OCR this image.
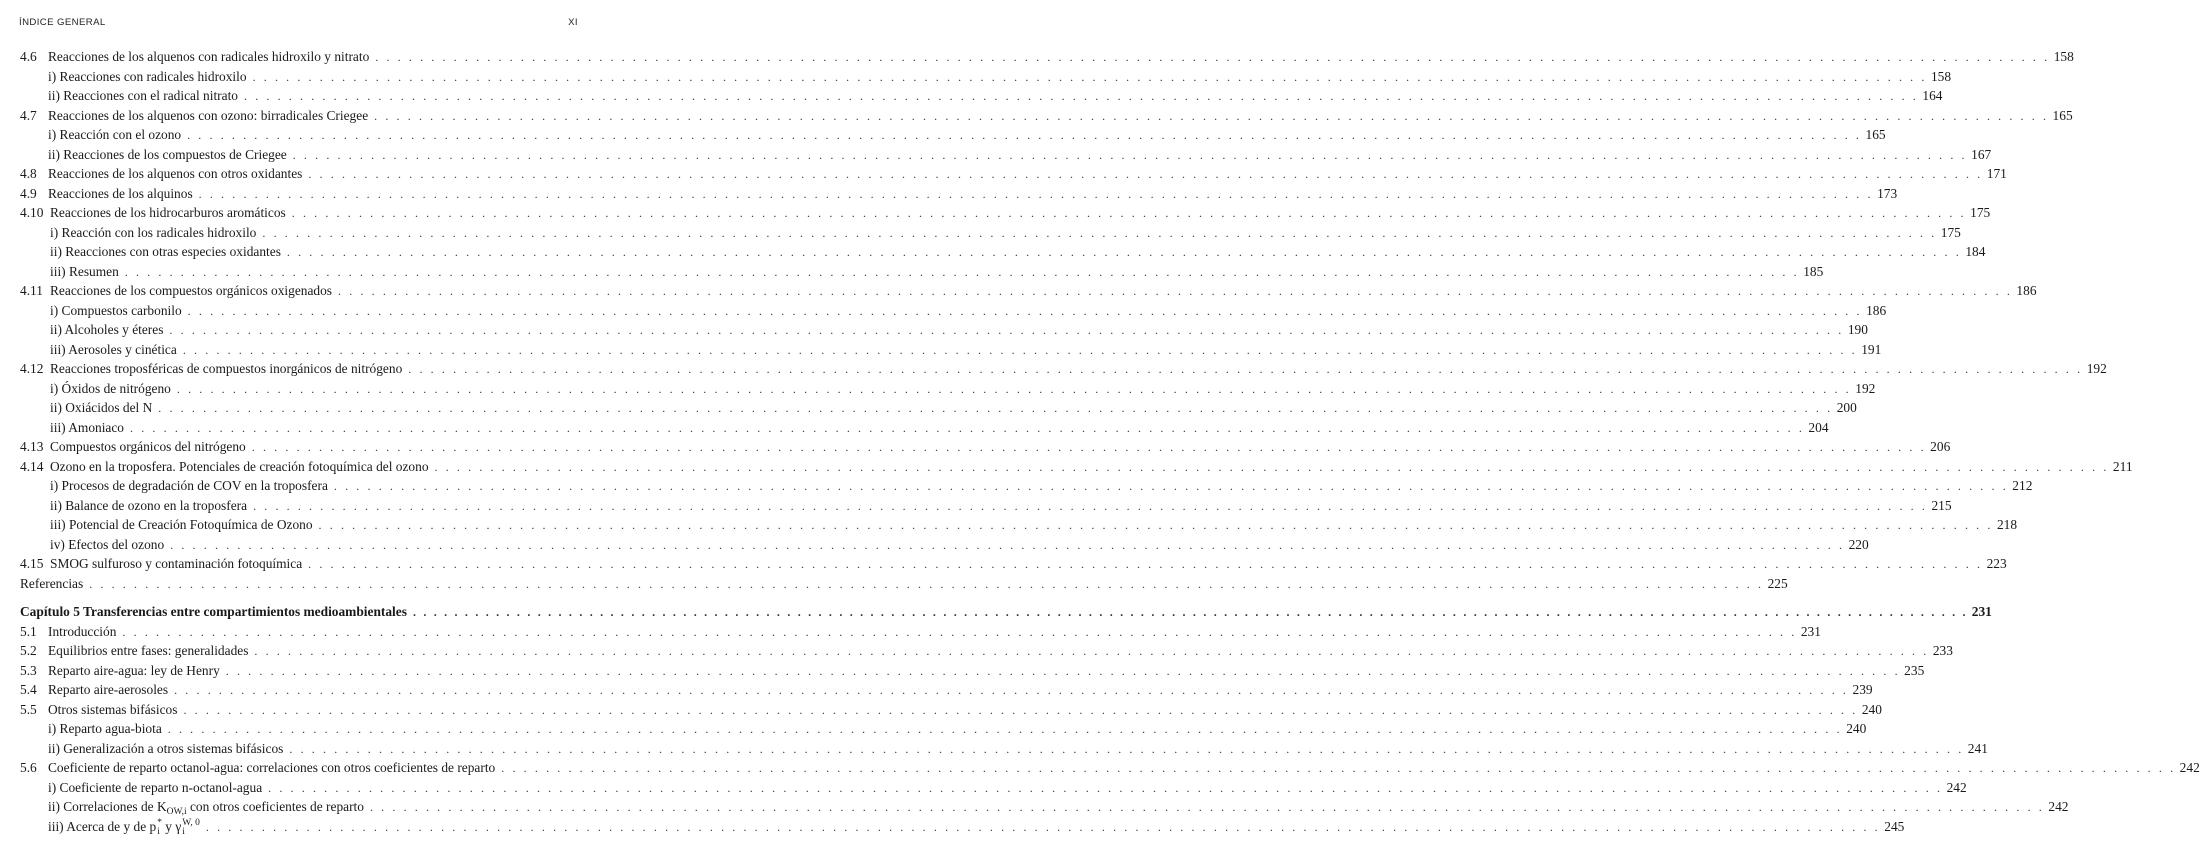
ÍNDICE GENERAL	XI
4.6 Reacciones de los alquenos con radicales hidroxilo y nitrato . . . . . . . . . . . . . . . . . . . . . . . . . . . . . . . . . . . . . . . . . . . . . . . . . . . . . . . . . . . . . . . . . . . . . . . . . . . . . . . . . . . . . . . . . . . . . . . . . . . . . . . . . . . . . . . . . . . . . . . . . . . . . . . . . . . . . . . . . . . . . . . . . . . . . . 158
i) Reacciones con radicales hidroxilo . . . . . . . . . . . . . . . . . . . . . . . . . . . . . . . . . . . . . . . . . . . . . . . . . . . . . . . . . . . . . . . . . . . . . . . . . . . . . . . . . . . . . . . . . . . . . . . . . . . . . . . . . . . . . . . . . . . . . . . . . . . . . . . . . . . . . . . . . . . . . . . . . . . . . . 158
ii) Reacciones con el radical nitrato . . . . . . . . . . . . . . . . . . . . . . . . . . . . . . . . . . . . . . . . . . . . . . . . . . . . . . . . . . . . . . . . . . . . . . . . . . . . . . . . . . . . . . . . . . . . . . . . . . . . . . . . . . . . . . . . . . . . . . . . . . . . . . . . . . . . . . . . . . . . . . . . . . . . . . 164
4.7 Reacciones de los alquenos con ozono: birradicales Criegee . . . . . . . . . . . . . . . . . . . . . . . . . . . . . . . . . . . . . . . . . . . . . . . . . . . . . . . . . . . . . . . . . . . . . . . . . . . . . . . . . . . . . . . . . . . . . . . . . . . . . . . . . . . . . . . . . . . . . . . . . . . . . . . . . . . . . . . . . . . . . . . . . . . . . . 165
i) Reacción con el ozono . . . . . . . . . . . . . . . . . . . . . . . . . . . . . . . . . . . . . . . . . . . . . . . . . . . . . . . . . . . . . . . . . . . . . . . . . . . . . . . . . . . . . . . . . . . . . . . . . . . . . . . . . . . . . . . . . . . . . . . . . . . . . . . . . . . . . . . . . . . . . . . . . . . . . . 165
ii) Reacciones de los compuestos de Criegee . . . . . . . . . . . . . . . . . . . . . . . . . . . . . . . . . . . . . . . . . . . . . . . . . . . . . . . . . . . . . . . . . . . . . . . . . . . . . . . . . . . . . . . . . . . . . . . . . . . . . . . . . . . . . . . . . . . . . . . . . . . . . . . . . . . . . . . . . . . . . . . . . . . . . . 167
4.8 Reacciones de los alquenos con otros oxidantes . . . . . . . . . . . . . . . . . . . . . . . . . . . . . . . . . . . . . . . . . . . . . . . . . . . . . . . . . . . . . . . . . . . . . . . . . . . . . . . . . . . . . . . . . . . . . . . . . . . . . . . . . . . . . . . . . . . . . . . . . . . . . . . . . . . . . . . . . . . . . . . . . . . . . . 171
4.9 Reacciones de los alquinos . . . . . . . . . . . . . . . . . . . . . . . . . . . . . . . . . . . . . . . . . . . . . . . . . . . . . . . . . . . . . . . . . . . . . . . . . . . . . . . . . . . . . . . . . . . . . . . . . . . . . . . . . . . . . . . . . . . . . . . . . . . . . . . . . . . . . . . . . . . . . . . . . . . . . . 173
4.10 Reacciones de los hidrocarburos aromáticos . . . . . . . . . . . . . . . . . . . . . . . . . . . . . . . . . . . . . . . . . . . . . . . . . . . . . . . . . . . . . . . . . . . . . . . . . . . . . . . . . . . . . . . . . . . . . . . . . . . . . . . . . . . . . . . . . . . . . . . . . . . . . . . . . . . . . . . . . . . . . . . . . . . . . . 175
i) Reacción con los radicales hidroxilo . . . . . . . . . . . . . . . . . . . . . . . . . . . . . . . . . . . . . . . . . . . . . . . . . . . . . . . . . . . . . . . . . . . . . . . . . . . . . . . . . . . . . . . . . . . . . . . . . . . . . . . . . . . . . . . . . . . . . . . . . . . . . . . . . . . . . . . . . . . . . . . . . . . . . . 175
ii) Reacciones con otras especies oxidantes . . . . . . . . . . . . . . . . . . . . . . . . . . . . . . . . . . . . . . . . . . . . . . . . . . . . . . . . . . . . . . . . . . . . . . . . . . . . . . . . . . . . . . . . . . . . . . . . . . . . . . . . . . . . . . . . . . . . . . . . . . . . . . . . . . . . . . . . . . . . . . . . . . . . . . 184
iii) Resumen . . . . . . . . . . . . . . . . . . . . . . . . . . . . . . . . . . . . . . . . . . . . . . . . . . . . . . . . . . . . . . . . . . . . . . . . . . . . . . . . . . . . . . . . . . . . . . . . . . . . . . . . . . . . . . . . . . . . . . . . . . . . . . . . . . . . . . . . . . . . . . . . . . . . . . 185
4.11 Reacciones de los compuestos orgánicos oxigenados . . . . . . . . . . . . . . . . . . . . . . . . . . . . . . . . . . . . . . . . . . . . . . . . . . . . . . . . . . . . . . . . . . . . . . . . . . . . . . . . . . . . . . . . . . . . . . . . . . . . . . . . . . . . . . . . . . . . . . . . . . . . . . . . . . . . . . . . . . . . . . . . . . . . . . 186
i) Compuestos carbonilo . . . . . . . . . . . . . . . . . . . . . . . . . . . . . . . . . . . . . . . . . . . . . . . . . . . . . . . . . . . . . . . . . . . . . . . . . . . . . . . . . . . . . . . . . . . . . . . . . . . . . . . . . . . . . . . . . . . . . . . . . . . . . . . . . . . . . . . . . . . . . . . . . . . . . . 186
ii) Alcoholes y éteres . . . . . . . . . . . . . . . . . . . . . . . . . . . . . . . . . . . . . . . . . . . . . . . . . . . . . . . . . . . . . . . . . . . . . . . . . . . . . . . . . . . . . . . . . . . . . . . . . . . . . . . . . . . . . . . . . . . . . . . . . . . . . . . . . . . . . . . . . . . . . . . . . . . . . . 190
iii) Aerosoles y cinética . . . . . . . . . . . . . . . . . . . . . . . . . . . . . . . . . . . . . . . . . . . . . . . . . . . . . . . . . . . . . . . . . . . . . . . . . . . . . . . . . . . . . . . . . . . . . . . . . . . . . . . . . . . . . . . . . . . . . . . . . . . . . . . . . . . . . . . . . . . . . . . . . . . . . . 191
4.12 Reacciones troposféricas de compuestos inorgánicos de nitrógeno . . . . . . . . . . . . . . . . . . . . . . . . . . . . . . . . . . . . . . . . . . . . . . . . . . . . . . . . . . . . . . . . . . . . . . . . . . . . . . . . . . . . . . . . . . . . . . . . . . . . . . . . . . . . . . . . . . . . . . . . . . . . . . . . . . . . . . . . . . . . . . . . . . . . . . 192
i) Óxidos de nitrógeno . . . . . . . . . . . . . . . . . . . . . . . . . . . . . . . . . . . . . . . . . . . . . . . . . . . . . . . . . . . . . . . . . . . . . . . . . . . . . . . . . . . . . . . . . . . . . . . . . . . . . . . . . . . . . . . . . . . . . . . . . . . . . . . . . . . . . . . . . . . . . . . . . . . . . . 192
ii) Oxiácidos del N . . . . . . . . . . . . . . . . . . . . . . . . . . . . . . . . . . . . . . . . . . . . . . . . . . . . . . . . . . . . . . . . . . . . . . . . . . . . . . . . . . . . . . . . . . . . . . . . . . . . . . . . . . . . . . . . . . . . . . . . . . . . . . . . . . . . . . . . . . . . . . . . . . . . . . 200
iii) Amoniaco . . . . . . . . . . . . . . . . . . . . . . . . . . . . . . . . . . . . . . . . . . . . . . . . . . . . . . . . . . . . . . . . . . . . . . . . . . . . . . . . . . . . . . . . . . . . . . . . . . . . . . . . . . . . . . . . . . . . . . . . . . . . . . . . . . . . . . . . . . . . . . . . . . . . . . 204
4.13 Compuestos orgánicos del nitrógeno . . . . . . . . . . . . . . . . . . . . . . . . . . . . . . . . . . . . . . . . . . . . . . . . . . . . . . . . . . . . . . . . . . . . . . . . . . . . . . . . . . . . . . . . . . . . . . . . . . . . . . . . . . . . . . . . . . . . . . . . . . . . . . . . . . . . . . . . . . . . . . . . . . . . . . 206
4.14 Ozono en la troposfera. Potenciales de creación fotoquímica del ozono . . . . . . . . . . . . . . . . . . . . . . . . . . . . . . . . . . . . . . . . . . . . . . . . . . . . . . . . . . . . . . . . . . . . . . . . . . . . . . . . . . . . . . . . . . . . . . . . . . . . . . . . . . . . . . . . . . . . . . . . . . . . . . . . . . . . . . . . . . . . . . . . . . . . . . 211
i) Procesos de degradación de COV en la troposfera . . . . . . . . . . . . . . . . . . . . . . . . . . . . . . . . . . . . . . . . . . . . . . . . . . . . . . . . . . . . . . . . . . . . . . . . . . . . . . . . . . . . . . . . . . . . . . . . . . . . . . . . . . . . . . . . . . . . . . . . . . . . . . . . . . . . . . . . . . . . . . . . . . . . . . 212
ii) Balance de ozono en la troposfera . . . . . . . . . . . . . . . . . . . . . . . . . . . . . . . . . . . . . . . . . . . . . . . . . . . . . . . . . . . . . . . . . . . . . . . . . . . . . . . . . . . . . . . . . . . . . . . . . . . . . . . . . . . . . . . . . . . . . . . . . . . . . . . . . . . . . . . . . . . . . . . . . . . . . . 215
iii) Potencial de Creación Fotoquímica de Ozono . . . . . . . . . . . . . . . . . . . . . . . . . . . . . . . . . . . . . . . . . . . . . . . . . . . . . . . . . . . . . . . . . . . . . . . . . . . . . . . . . . . . . . . . . . . . . . . . . . . . . . . . . . . . . . . . . . . . . . . . . . . . . . . . . . . . . . . . . . . . . . . . . . . . . . 218
iv) Efectos del ozono . . . . . . . . . . . . . . . . . . . . . . . . . . . . . . . . . . . . . . . . . . . . . . . . . . . . . . . . . . . . . . . . . . . . . . . . . . . . . . . . . . . . . . . . . . . . . . . . . . . . . . . . . . . . . . . . . . . . . . . . . . . . . . . . . . . . . . . . . . . . . . . . . . . . . . 220
4.15 SMOG sulfuroso y contaminación fotoquímica . . . . . . . . . . . . . . . . . . . . . . . . . . . . . . . . . . . . . . . . . . . . . . . . . . . . . . . . . . . . . . . . . . . . . . . . . . . . . . . . . . . . . . . . . . . . . . . . . . . . . . . . . . . . . . . . . . . . . . . . . . . . . . . . . . . . . . . . . . . . . . . . . . . . . . 223
Referencias . . . . . . . . . . . . . . . . . . . . . . . . . . . . . . . . . . . . . . . . . . . . . . . . . . . . . . . . . . . . . . . . . . . . . . . . . . . . . . . . . . . . . . . . . . . . . . . . . . . . . . . . . . . . . . . . . . . . . . . . . . . . . . . . . . . . . . . . . . . . . . . . . . . . . . 225
Capítulo 5 Transferencias entre compartimientos medioambientales . . . . . . . . . . . . . . . . . . . . . . . . . . . . . . . . . . . . . . . . . . . . . . . . . . . . . . . . . . . . . . . . . . . . . . . . . . . . . . . . . . . . . . . . . . . . . . . . . . . . . . . . . . . . . . . . . . . . . . . . . . . . . . . . . . . . . . . . . . . . . . . . . . . . . . 231
5.1 Introducción . . . . . . . . . . . . . . . . . . . . . . . . . . . . . . . . . . . . . . . . . . . . . . . . . . . . . . . . . . . . . . . . . . . . . . . . . . . . . . . . . . . . . . . . . . . . . . . . . . . . . . . . . . . . . . . . . . . . . . . . . . . . . . . . . . . . . . . . . . . . . . . . . . . . . . 231
5.2 Equilibrios entre fases: generalidades . . . . . . . . . . . . . . . . . . . . . . . . . . . . . . . . . . . . . . . . . . . . . . . . . . . . . . . . . . . . . . . . . . . . . . . . . . . . . . . . . . . . . . . . . . . . . . . . . . . . . . . . . . . . . . . . . . . . . . . . . . . . . . . . . . . . . . . . . . . . . . . . . . . . . . 233
5.3 Reparto aire-agua: ley de Henry . . . . . . . . . . . . . . . . . . . . . . . . . . . . . . . . . . . . . . . . . . . . . . . . . . . . . . . . . . . . . . . . . . . . . . . . . . . . . . . . . . . . . . . . . . . . . . . . . . . . . . . . . . . . . . . . . . . . . . . . . . . . . . . . . . . . . . . . . . . . . . . . . . . . . . 235
5.4 Reparto aire-aerosoles . . . . . . . . . . . . . . . . . . . . . . . . . . . . . . . . . . . . . . . . . . . . . . . . . . . . . . . . . . . . . . . . . . . . . . . . . . . . . . . . . . . . . . . . . . . . . . . . . . . . . . . . . . . . . . . . . . . . . . . . . . . . . . . . . . . . . . . . . . . . . . . . . . . . . . 239
5.5 Otros sistemas bifásicos . . . . . . . . . . . . . . . . . . . . . . . . . . . . . . . . . . . . . . . . . . . . . . . . . . . . . . . . . . . . . . . . . . . . . . . . . . . . . . . . . . . . . . . . . . . . . . . . . . . . . . . . . . . . . . . . . . . . . . . . . . . . . . . . . . . . . . . . . . . . . . . . . . . . . . 240
i) Reparto agua-biota . . . . . . . . . . . . . . . . . . . . . . . . . . . . . . . . . . . . . . . . . . . . . . . . . . . . . . . . . . . . . . . . . . . . . . . . . . . . . . . . . . . . . . . . . . . . . . . . . . . . . . . . . . . . . . . . . . . . . . . . . . . . . . . . . . . . . . . . . . . . . . . . . . . . . . 240
ii) Generalización a otros sistemas bifásicos . . . . . . . . . . . . . . . . . . . . . . . . . . . . . . . . . . . . . . . . . . . . . . . . . . . . . . . . . . . . . . . . . . . . . . . . . . . . . . . . . . . . . . . . . . . . . . . . . . . . . . . . . . . . . . . . . . . . . . . . . . . . . . . . . . . . . . . . . . . . . . . . . . . . . . 241
5.6 Coeficiente de reparto octanol-agua: correlaciones con otros coeficientes de reparto . . . . . . . . . . . . . . . . . . . . . . . . . . . . . . . . . . . . . . . . . . . . . . . . . . . . . . . . . . . . . . . . . . . . . . . . . . . . . . . . . . . . . . . . . . . . . . . . . . . . . . . . . . . . . . . . . . . . . . . . . . . . . . . . . . . . . . . . . . . . . . . . . . . . . . 242
i) Coeficiente de reparto n-octanol-agua . . . . . . . . . . . . . . . . . . . . . . . . . . . . . . . . . . . . . . . . . . . . . . . . . . . . . . . . . . . . . . . . . . . . . . . . . . . . . . . . . . . . . . . . . . . . . . . . . . . . . . . . . . . . . . . . . . . . . . . . . . . . . . . . . . . . . . . . . . . . . . . . . . . . . . 242
ii) Correlaciones de $K_{OW,i}$ con otros coeficientes de reparto . . . . . . . . . . . . . . . . . . . . . . . . . . . . . . . . . . . . . . . . . . . . . . . . . . . . . . . . . . . . . . . . . . . . . . . . . . . . . . . . . . . . . . . . . . . . . . . . . . . . . . . . . . . . . . . . . . . . . . . . . . . . . . . . . . . . . . . . . . . . . . . . . . . . . . 242
iii) Acerca de y de p *
i y γ W, 0
i	. . . . . . . . . . . . . . . . . . . . . . . . . . . . . . . . . . . . . . . . . . . . . . . . . . . . . . . . . . . . . . . . . . . . . . . . . . . . . . . . . . . . . . . . . . . . . . . . . . . . . . . . . . . . . . . . . . . . . . . . . . . . . . . . . . . . . . . . . . . . . . . . . . . . . . 245
